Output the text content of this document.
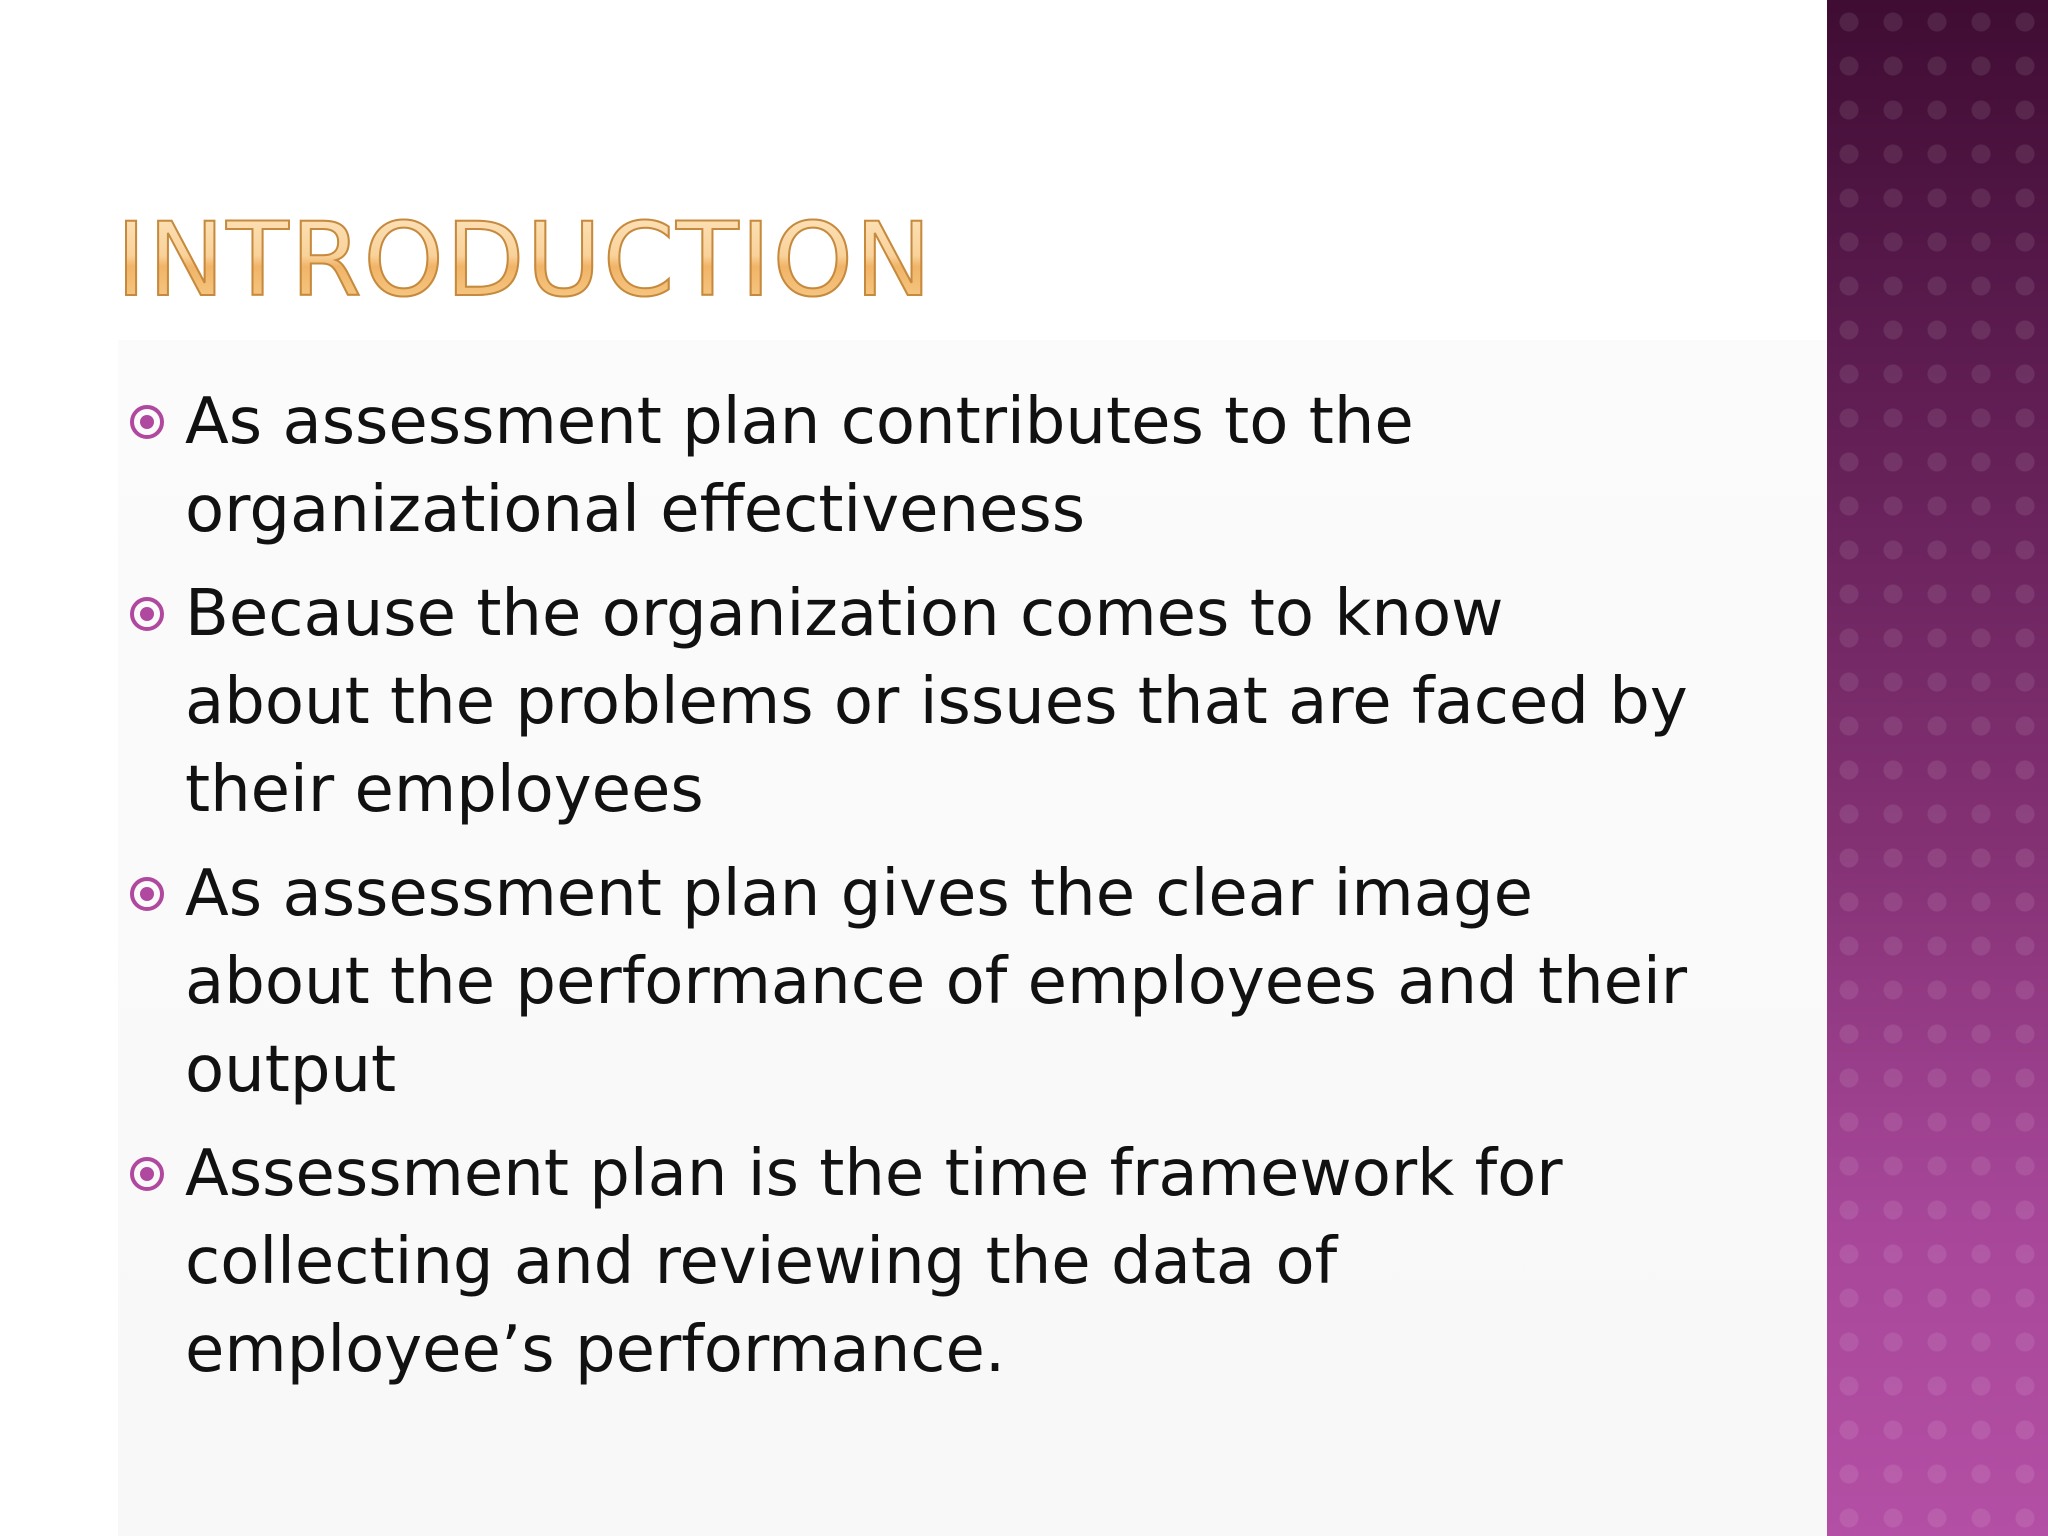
INTRODUCTION
As assessment plan contributes to the organizational effectiveness
Because the organization comes to know about the problems or issues that are faced by their employees
As assessment plan gives the clear image about the performance of employees and their output
Assessment plan is the time framework for collecting and reviewing the data of employee’s performance.
